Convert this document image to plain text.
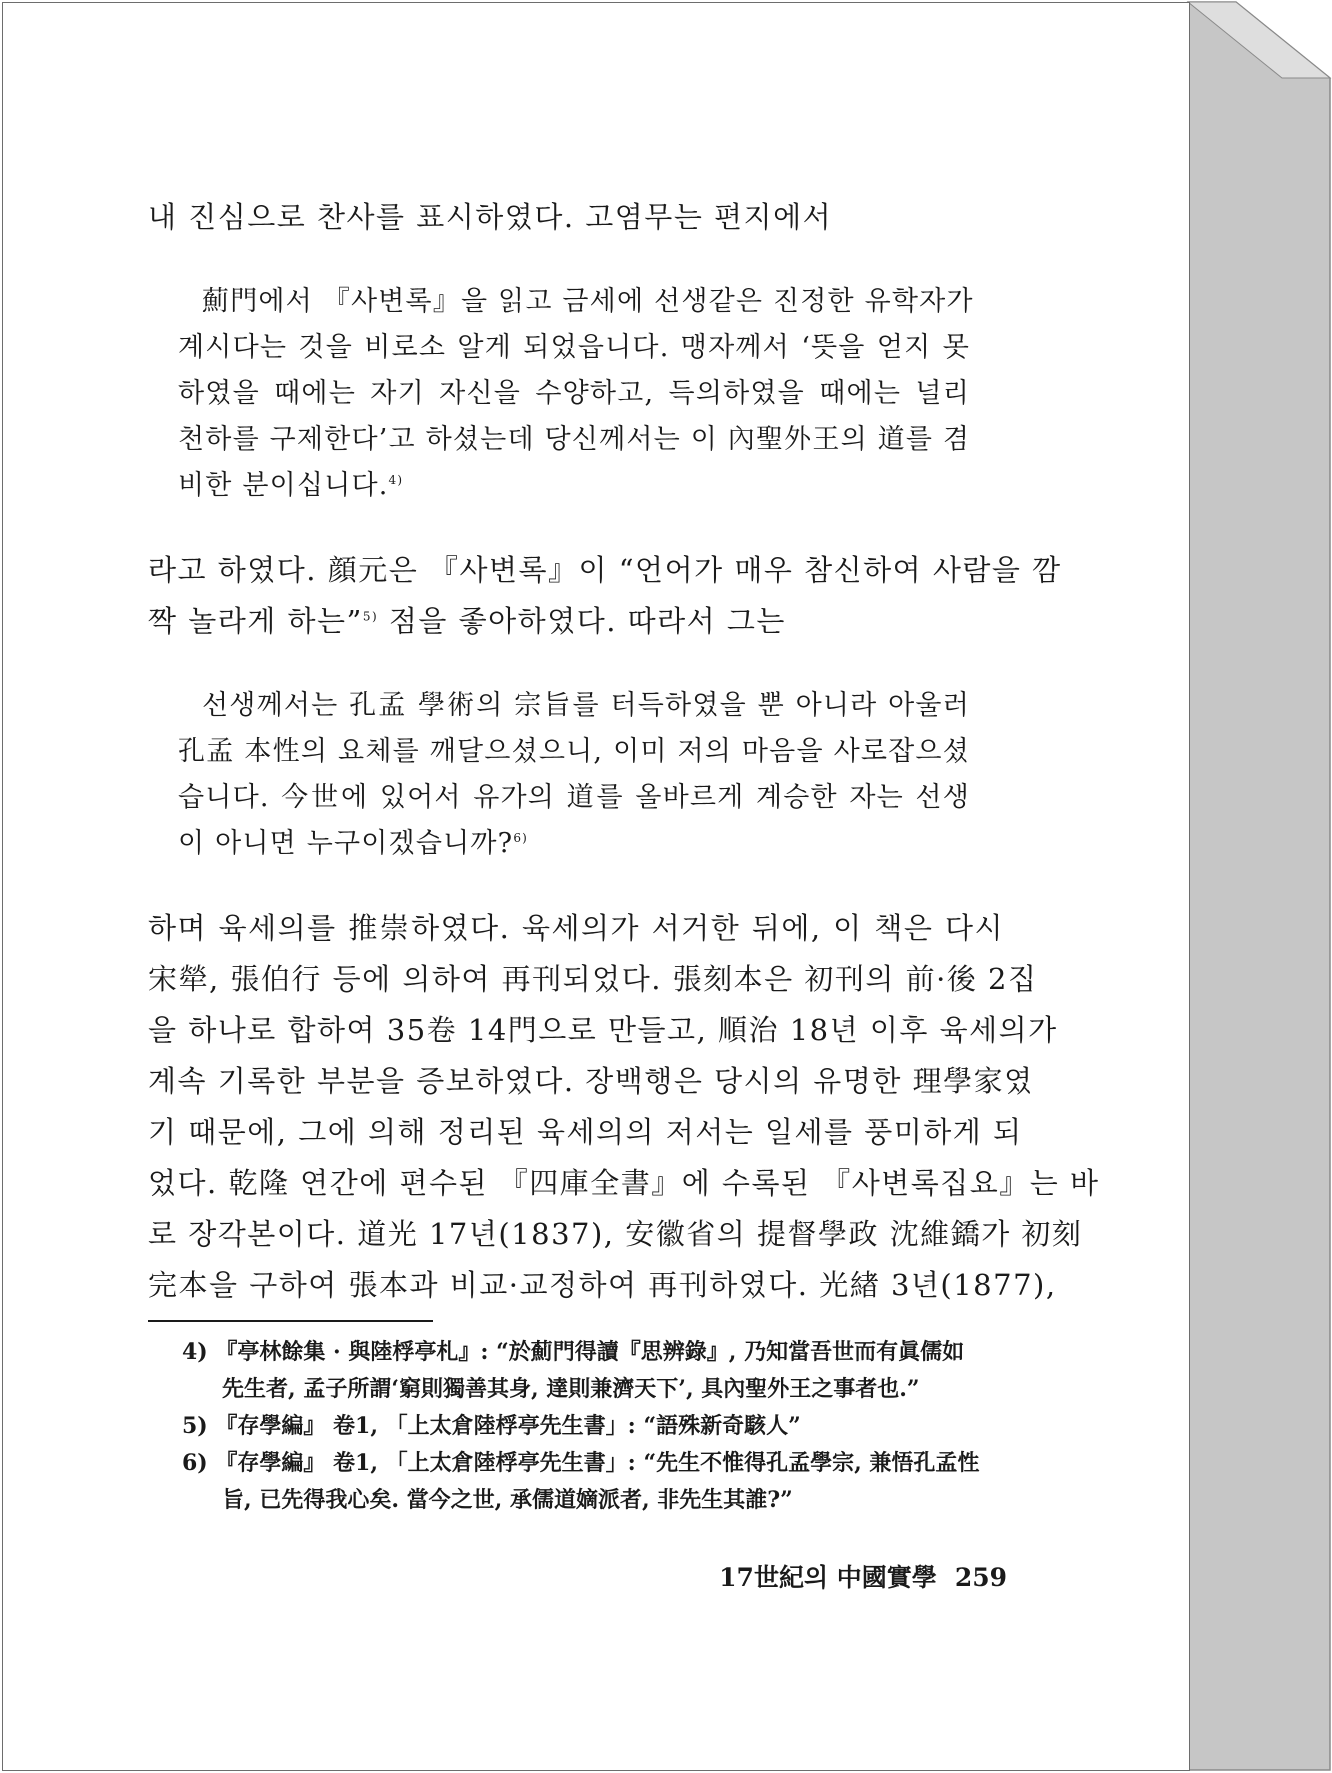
내 진심으로 찬사를 표시하였다. 고염무는 편지에서

薊門에서 『사변록』을 읽고 금세에 선생같은 진정한 유학자가
계시다는 것을 비로소 알게 되었읍니다. 맹자께서 ‘뜻을 얻지 못
하였을 때에는 자기 자신을 수양하고, 득의하였을 때에는 널리
천하를 구제한다’고 하셨는데 당신께서는 이 內聖外王의 道를 겸
비한 분이십니다.$^{4)}$

라고 하였다. 顔元은 『사변록』이 “언어가 매우 참신하여 사람을 깜
짝 놀라게 하는”$^{5)}$ 점을 좋아하였다. 따라서 그는

선생께서는 孔孟 學術의 宗旨를 터득하였을 뿐 아니라 아울러
孔孟 本性의 요체를 깨달으셨으니, 이미 저의 마음을 사로잡으셨
습니다. 今世에 있어서 유가의 道를 올바르게 계승한 자는 선생
이 아니면 누구이겠습니까?$^{6)}$

하며 육세의를 推崇하였다. 육세의가 서거한 뒤에, 이 책은 다시
宋犖, 張伯行 등에 의하여 再刊되었다. 張刻本은 初刊의 前·後 2집
을 하나로 합하여 35卷 14門으로 만들고, 順治 18년 이후 육세의가
계속 기록한 부분을 증보하였다. 장백행은 당시의 유명한 理學家였
기 때문에, 그에 의해 정리된 육세의의 저서는 일세를 풍미하게 되
었다. 乾隆 연간에 편수된 『四庫全書』에 수록된 『사변록집요』는 바
로 장각본이다. 道光 17년(1837), 安徽省의 提督學政 沈維鐈가 初刻
完本을 구하여 張本과 비교·교정하여 再刊하였다. 光緖 3년(1877),

4) 『亭林餘集 · 與陸桴亭札』: “於薊門得讀『思辨錄』, 乃知當吾世而有眞儒如
先生者, 孟子所謂‘窮則獨善其身, 達則兼濟天下’, 具內聖外王之事者也.”
5) 『存學編』 卷1, 「上太倉陸桴亭先生書」: “語殊新奇駭人”
6) 『存學編』 卷1, 「上太倉陸桴亭先生書」: “先生不惟得孔孟學宗, 兼悟孔孟性
旨, 已先得我心矣. 當今之世, 承儒道嫡派者, 非先生其誰?”
17世紀의 中國實學 259
